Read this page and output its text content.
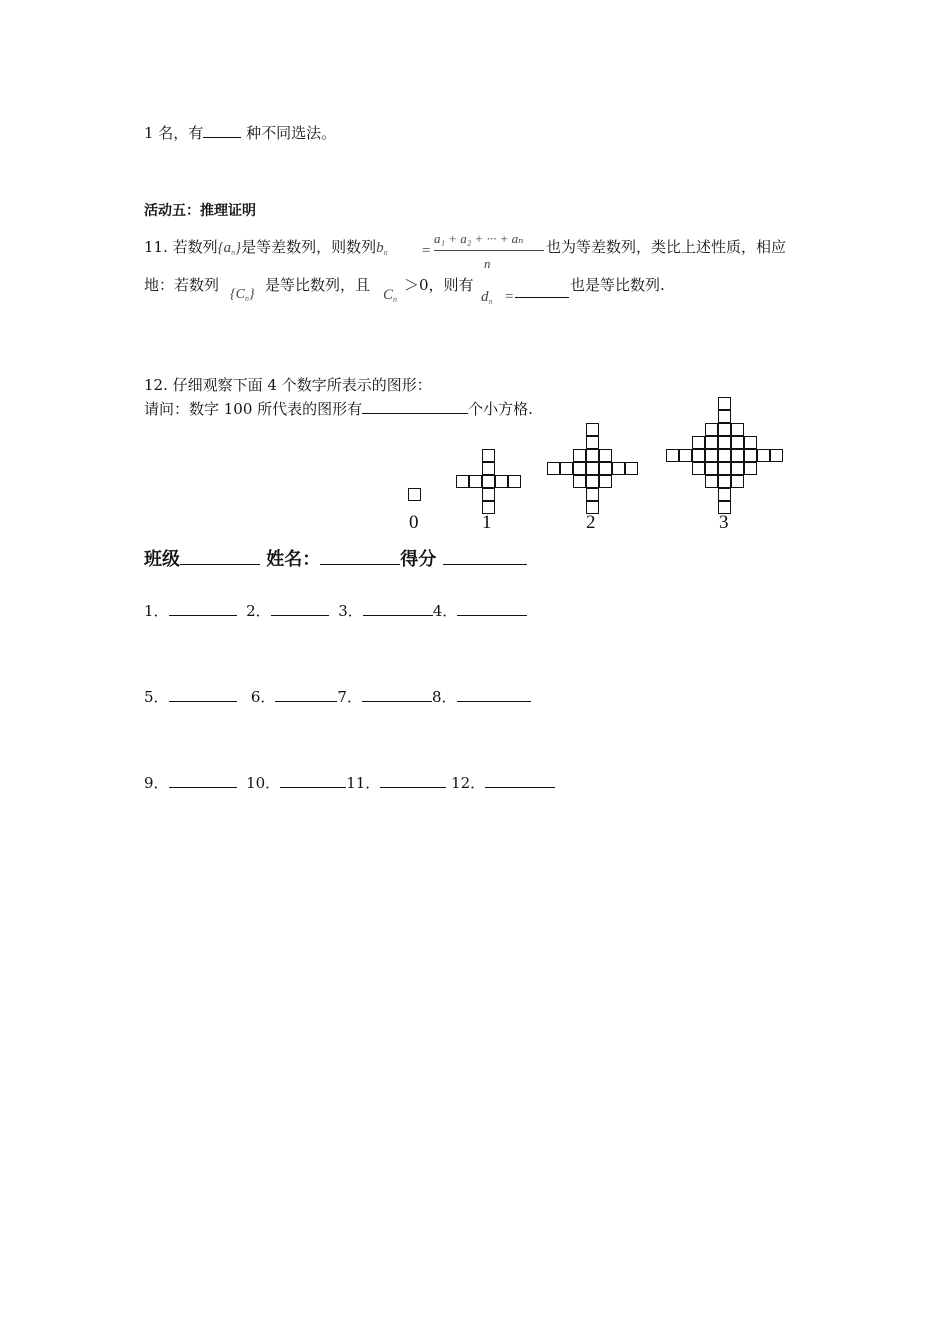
1 名，有	种不同选法。
活动五：推理证明
11. 若数列$\{a_n\}$是等差数列，则数列$b_n$ =
a₁ + a₂ + ··· + aₙ
n
也为等差数列，类比上述性质，相应
地：若数列
$\{C_n\}$
是等比数列，且
$C_n$
＞0，则有
$d_n$ =
也是等比数列.
12. 仔细观察下面 4 个数字所表示的图形：
请问：数字 100 所代表的图形有	个小方格.
0	1	2	3
班级	姓名：	得分
1．	2．	3．	4．
5．	6．	7．	8．
9．	10．	11．	12．
